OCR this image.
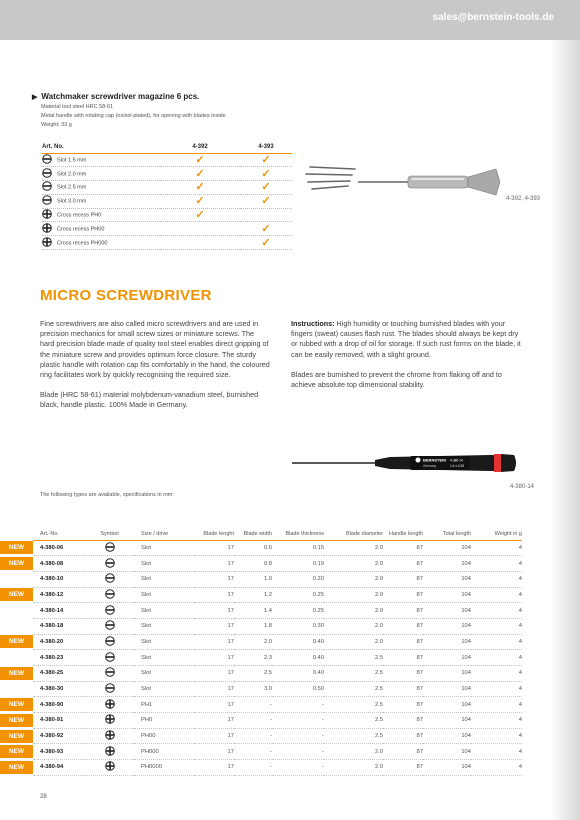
sales@bernstein-tools.de
▶ Watchmaker screwdriver magazine 6 pcs.
Material tool steel HRC 58-61
Metal handle with rotating cap (nickel-plated), for opening with blades inside
Weight: 33 g
Art. No.	4-392	4-393
Slot 1.5 mm	✓	✓
Slot 2.0 mm	✓	✓
Slot 2.5 mm	✓	✓
Slot 3.0 mm	✓	✓
Cross recess PH0	✓	
Cross recess PH00		✓
Cross recess PH000		✓
4-392, 4-393
MICRO SCREWDRIVER

Fine screwdrivers are also called micro screwdrivers and are used in precision mechanics for small screw sizes or miniature screws. The hard precision blade made of quality tool steel enables direct gripping of the miniature screw and provides optimum force closure. The sturdy plastic handle with rotation cap fits comfortably in the hand, the coloured ring facilitates work by quickly recognising the required size.

Blade (HRC 58-61) material molybdenum-vanadium steel, burnished black, handle plastic. 100% Made in Germany.

Instructions: High humidity or touching burnished blades with your fingers (sweat) causes flash rust. The blades should always be kept dry or rubbed with a drop of oil for storage. If such rust forms on the blade, it can be easily removed, with a slight ground.

Blades are burnished to prevent the chrome from flaking off and to achieve absolute top dimensional stability.

BERNSTEIN
Germany
4-380-14
1.4 x 0.25
4-380-14
The following types are available, specifications in mm:
	Art.-No.	Symbol	Size / drive	Blade lenght	Blade width	Blade thickness	Blade diameter	Handle length	Total length	Weight in g

NEW	4-380-06		Slot	17	0.6	0.15	2.0	87	104	4

NEW	4-380-08		Slot	17	0.8	0.19	2.0	87	104	4
	4-380-10		Slot	17	1.0	0.20	2.0	87	104	4

NEW	4-380-12		Slot	17	1.2	0.25	2.0	87	104	4
	4-380-14		Slot	17	1.4	0.25	2.0	87	104	4
	4-380-18		Slot	17	1.8	0.30	2.0	87	104	4

NEW	4-380-20		Slot	17	2.0	0.40	2.0	87	104	4
	4-380-23		Slot	17	2.3	0.40	2.5	87	104	4

NEW	4-380-25		Slot	17	2.5	0.40	2.5	87	104	4
	4-380-30		Slot	17	3.0	0.50	2.5	87	104	4

NEW	4-380-90		PH1	17	-	-	2.5	87	104	4

NEW	4-380-91		PH0	17	-	-	2.5	87	104	4

NEW	4-380-92		PH00	17	-	-	2.5	87	104	4

NEW	4-380-93		PH000	17	-	-	2.0	87	104	4

NEW	4-380-94		PH0000	17	-	-	2.0	87	104	4
28
